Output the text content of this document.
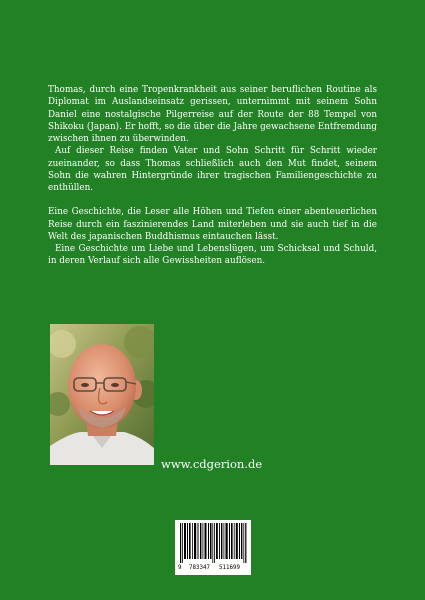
Thomas, durch eine Tropenkrankheit aus seiner beruflichen Routine als Diplomat im Auslandseinsatz gerissen, unternimmt mit seinem Sohn Daniel eine nostalgische Pilgerreise auf der Route der 88 Tempel von Shikoku (Japan). Er hofft, so die über die Jahre gewachsene Entfremdung zwischen ihnen zu überwinden.

Auf dieser Reise finden Vater und Sohn Schritt für Schritt wieder zueinander, so dass Thomas schließlich auch den Mut findet, seinem Sohn die wahren Hintergründe ihrer tragischen Familiengeschichte zu enthüllen.

Eine Geschichte, die Leser alle Höhen und Tiefen einer abenteuerlichen Reise durch ein faszinierendes Land miterleben und sie auch tief in die Welt des japanischen Buddhismus eintauchen lässt.

Eine Geschichte um Liebe und Lebenslügen, um Schicksal und Schuld, in deren Verlauf sich alle Gewissheiten auflösen.

www.cdgerion.de
9 783347 511699
